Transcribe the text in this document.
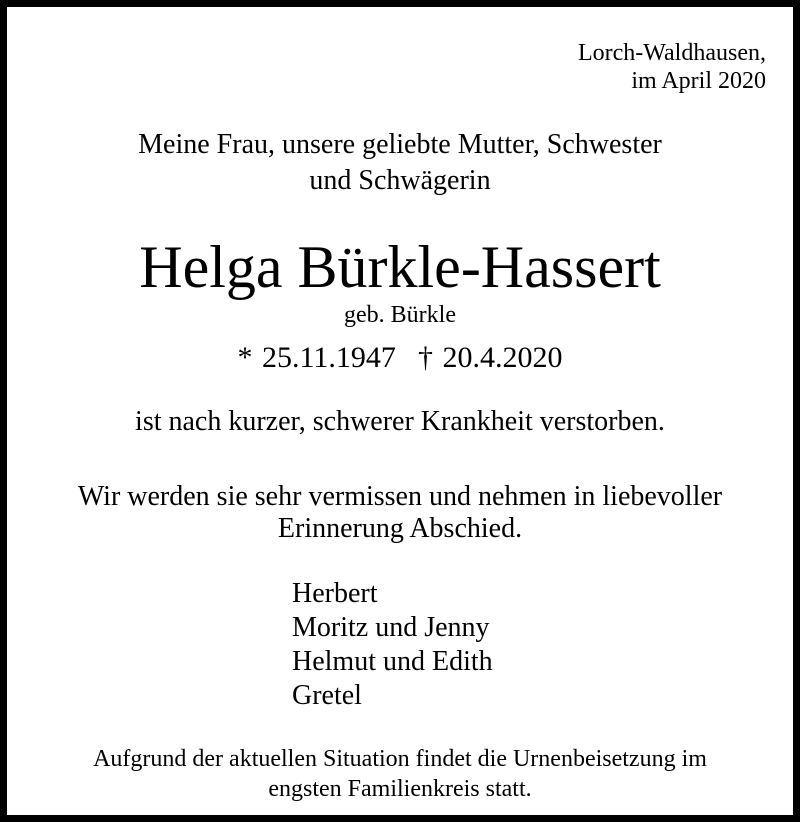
Lorch-Waldhausen,
im April 2020
Meine Frau, unsere geliebte Mutter, Schwester
und Schwägerin
Helga Bürkle-Hassert
geb. Bürkle
* 25.11.1947 † 20.4.2020
ist nach kurzer, schwerer Krankheit verstorben.
Wir werden sie sehr vermissen und nehmen in liebevoller
Erinnerung Abschied.
Herbert
Moritz und Jenny
Helmut und Edith
Gretel
Aufgrund der aktuellen Situation findet die Urnenbeisetzung im
engsten Familienkreis statt.
